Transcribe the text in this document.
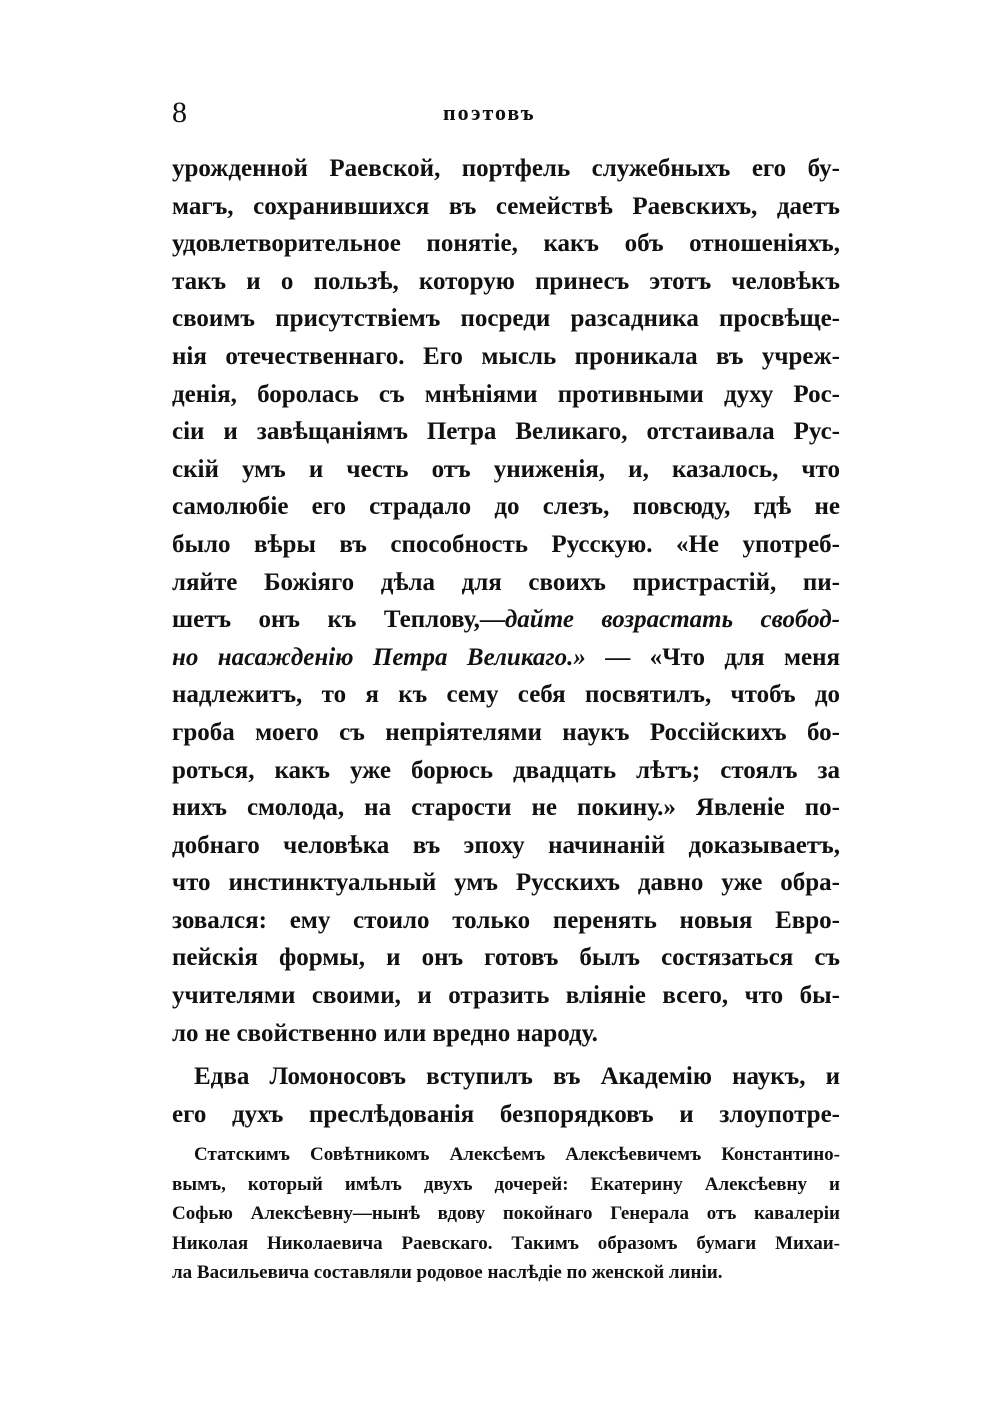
8	поэтовъ
урожденной Раевской, портфель служебныхъ его бу-
магъ, сохранившихся въ семействѣ Раевскихъ, даетъ
удовлетворительное понятіе, какъ объ отношеніяхъ,
такъ и о пользѣ, которую принесъ этотъ человѣкъ
своимъ присутствіемъ посреди разсадника просвѣще-
нія отечественнаго. Его мысль проникала въ учреж-
денія, боролась съ мнѣніями противными духу Рос-
сіи и завѣщаніямъ Петра Великаго, отстаивала Рус-
скій умъ и честь отъ униженія, и, казалось, что
самолюбіе его страдало до слезъ, повсюду, гдѣ не
было вѣры въ способность Русскую. «Не употреб-
ляйте Божіяго дѣла для своихъ пристрастій, пи-
шетъ онъ къ Теплову,—дайте возрастать свобод-
но насажденію Петра Великаго.» — «Что для меня
надлежитъ, то я къ сему себя посвятилъ, чтобъ до
гроба моего съ непріятелями наукъ Россійскихъ бо-
роться, какъ уже борюсь двадцать лѣтъ; стоялъ за
нихъ смолода, на старости не покину.» Явленіе по-
добнаго человѣка въ эпоху начинаній доказываетъ,
что инстинктуальный умъ Русскихъ давно уже обра-
зовался: ему стоило только перенять новыя Евро-
пейскія формы, и онъ готовъ былъ состязаться съ
учителями своими, и отразить вліяніе всего, что бы-
ло не свойственно или вредно народу.
Едва Ломоносовъ вступилъ въ Академію наукъ, и
его духъ преслѣдованія безпорядковъ и злоупотре-
Статскимъ Совѣтникомъ Алексѣемъ Алексѣевичемъ Константино-
вымъ, который имѣлъ двухъ дочерей: Екатерину Алексѣевну и
Софью Алексѣевну—нынѣ вдову покойнаго Генерала отъ кавалеріи
Николая Николаевича Раевскаго. Такимъ образомъ бумаги Михаи-
ла Васильевича составляли родовое наслѣдіе по женской линіи.
